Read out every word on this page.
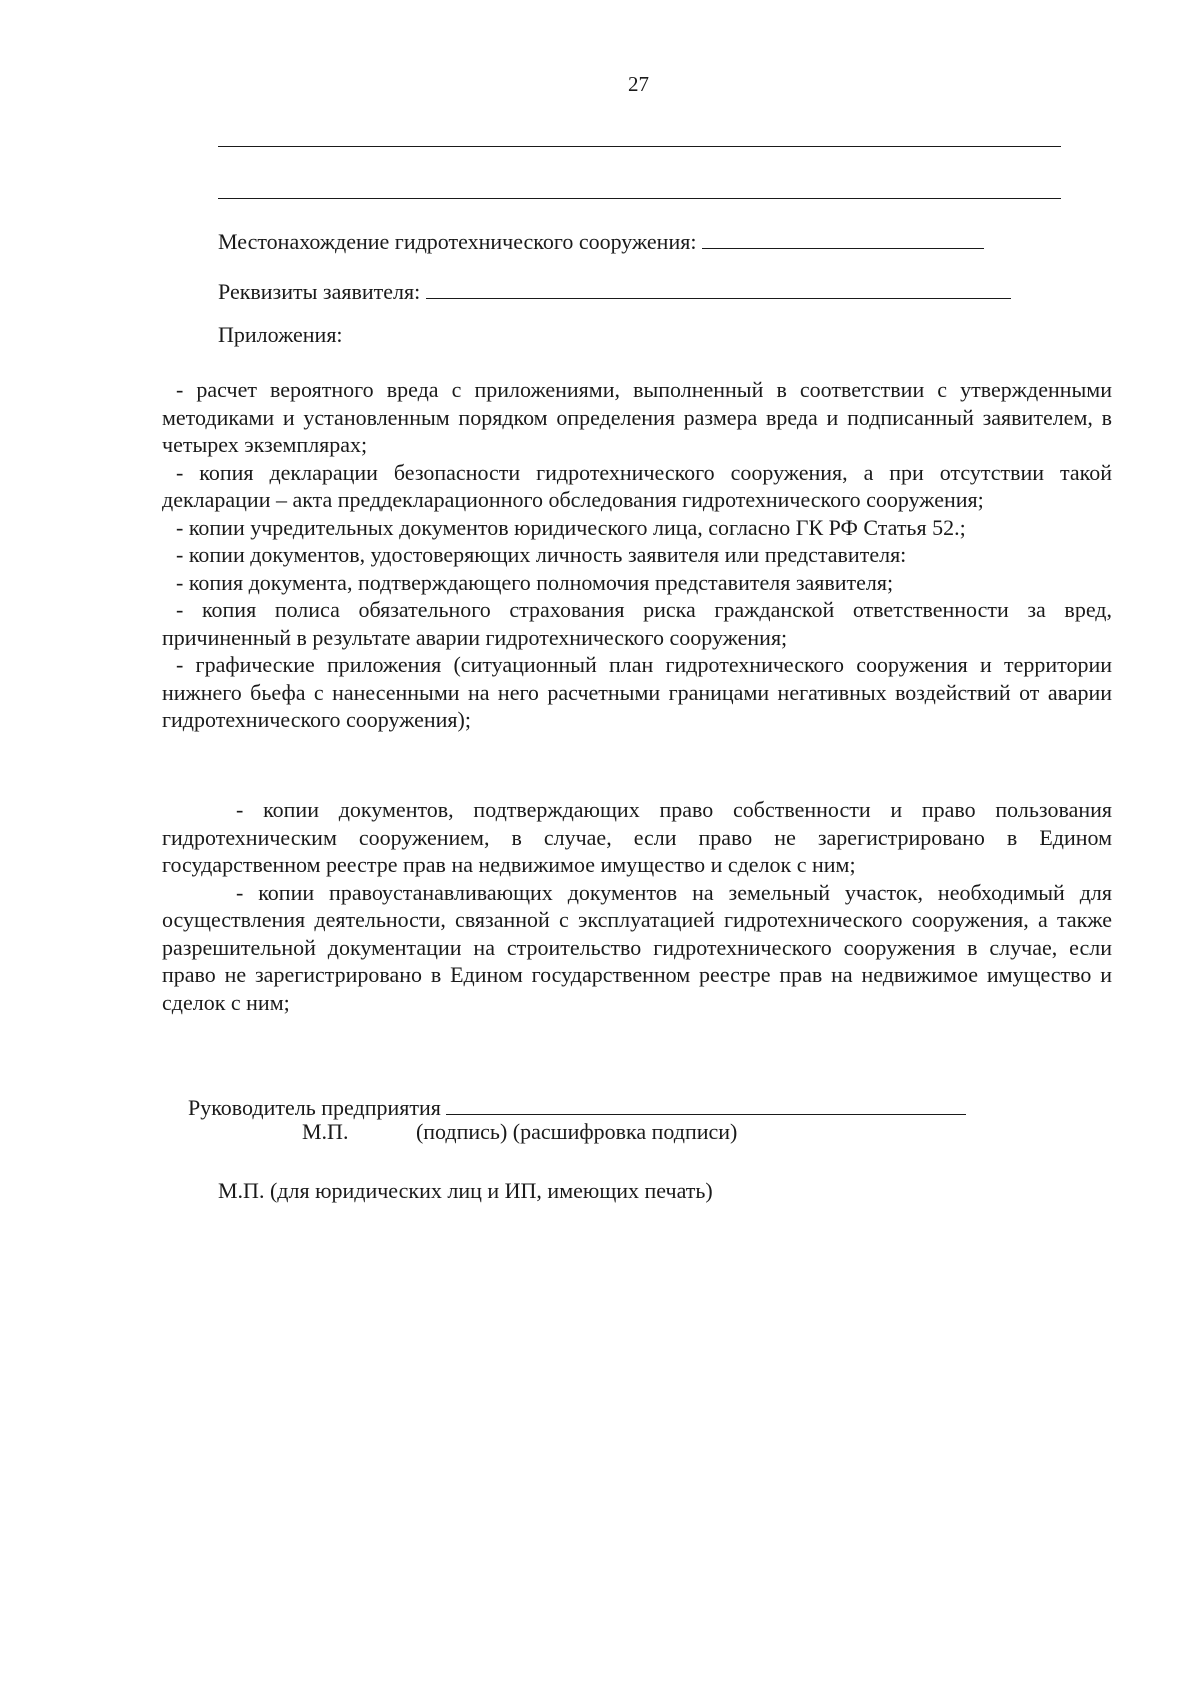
27
Местонахождение гидротехнического сооружения:
Реквизиты заявителя:
Приложения:

- расчет вероятного вреда с приложениями, выполненный в соответствии с утвержденными методиками и установленным порядком определения размера вреда и подписанный заявителем, в четырех экземплярах;

- копия декларации безопасности гидротехнического сооружения, а при отсутствии такой декларации – акта преддекларационного обследования гидротехнического сооружения;

- копии учредительных документов юридического лица, согласно ГК РФ Статья 52.;

- копии документов, удостоверяющих личность заявителя или представителя:

- копия документа, подтверждающего полномочия представителя заявителя;

- копия полиса обязательного страхования риска гражданской ответственности за вред, причиненный в результате аварии гидротехнического сооружения;

- графические приложения (ситуационный план гидротехнического сооружения и территории нижнего бьефа с нанесенными на него расчетными границами негативных воздействий от аварии гидротехнического сооружения);

- копии документов, подтверждающих право собственности и право пользования гидротехническим сооружением, в случае, если право не зарегистрировано в Едином государственном реестре прав на недвижимое имущество и сделок с ним;

- копии правоустанавливающих документов на земельный участок, необходимый для осуществления деятельности, связанной с эксплуатацией гидротехнического сооружения, а также разрешительной документации на строительство гидротехнического сооружения в случае, если право не зарегистрировано в Едином государственном реестре прав на недвижимое имущество и сделок с ним;

Руководитель предприятия
М.П.	(подпись) (расшифровка подписи)
М.П. (для юридических лиц и ИП, имеющих печать)
